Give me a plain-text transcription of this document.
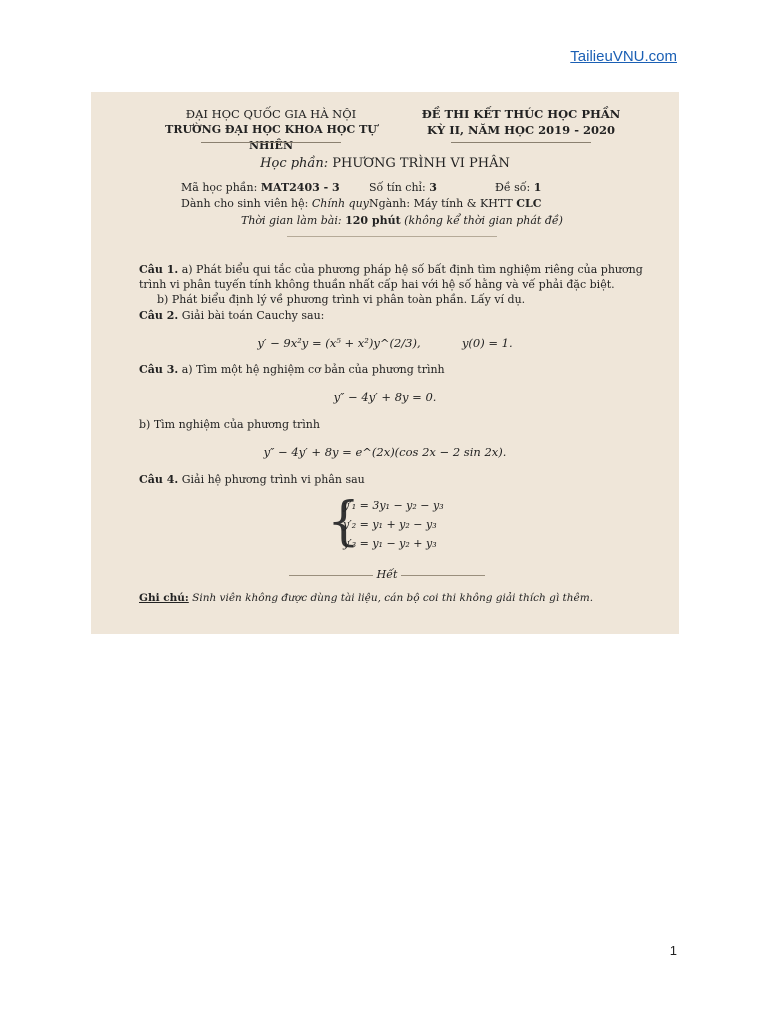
TailieuVNU.com
ĐẠI HỌC QUỐC GIA HÀ NỘI
TRƯỜNG ĐẠI HỌC KHOA HỌC TỰ NHIÊN
ĐỀ THI KẾT THÚC HỌC PHẦN
KỲ II, NĂM HỌC 2019 - 2020
Học phần: PHƯƠNG TRÌNH VI PHÂN
Mã học phần: MAT2403 - 3	Số tín chỉ: 3	Đề số: 1
Dành cho sinh viên hệ: Chính quy Ngành: Máy tính & KHTT CLC
Thời gian làm bài: 120 phút (không kể thời gian phát đề)
Câu 1. a) Phát biểu qui tắc của phương pháp hệ số bất định tìm nghiệm riêng của phương trình vi phân tuyến tính không thuần nhất cấp hai với hệ số hằng và vế phải đặc biệt.
b) Phát biểu định lý về phương trình vi phân toàn phần. Lấy ví dụ.
Câu 2. Giải bài toán Cauchy sau:
y′ − 9x²y = (x⁵ + x²)y^(2/3),	y(0) = 1.
Câu 3. a) Tìm một hệ nghiệm cơ bản của phương trình
y″ − 4y′ + 8y = 0.
b) Tìm nghiệm của phương trình
y″ − 4y′ + 8y = e^(2x)(cos 2x − 2 sin 2x).
Câu 4. Giải hệ phương trình vi phân sau
{
y′₁ = 3y₁ − y₂ − y₃
y′₂ = y₁ + y₂ − y₃
y′₃ = y₁ − y₂ + y₃
Hết
Ghi chú: Sinh viên không được dùng tài liệu, cán bộ coi thi không giải thích gì thêm.
1
